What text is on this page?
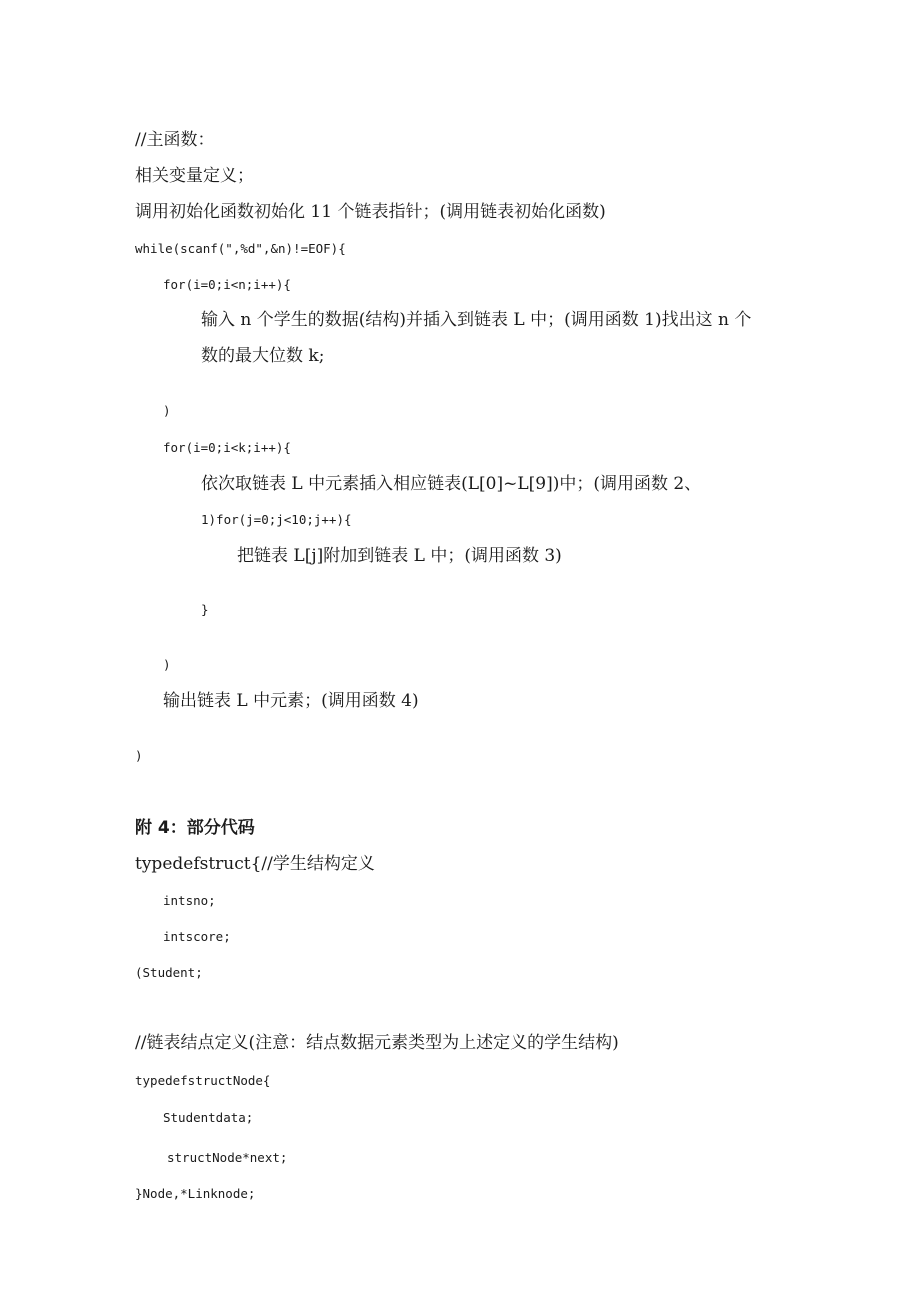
//主函数：
相关变量定义；
调用初始化函数初始化 11 个链表指针；(调用链表初始化函数)
while(scanf(",%d",&n)!=EOF){
for(i=0;i<n;i++){
输入 n 个学生的数据(结构)并插入到链表 L 中；(调用函数 1)找出这 n 个
数的最大位数 k;
)
for(i=0;i<k;i++){
依次取链表 L 中元素插入相应链表(L[0]~L[9])中；(调用函数 2、
1)for(j=0;j<10;j++){
把链表 L[j]附加到链表 L 中；(调用函数 3)
}
)
输出链表 L 中元素；(调用函数 4)
)
附 4：部分代码
typedefstruct{//学生结构定义
intsno;
intscore;
(Student;
//链表结点定义(注意：结点数据元素类型为上述定义的学生结构)
typedefstructNode{
Studentdata;
structNode*next;
}Node,*Linknode;
